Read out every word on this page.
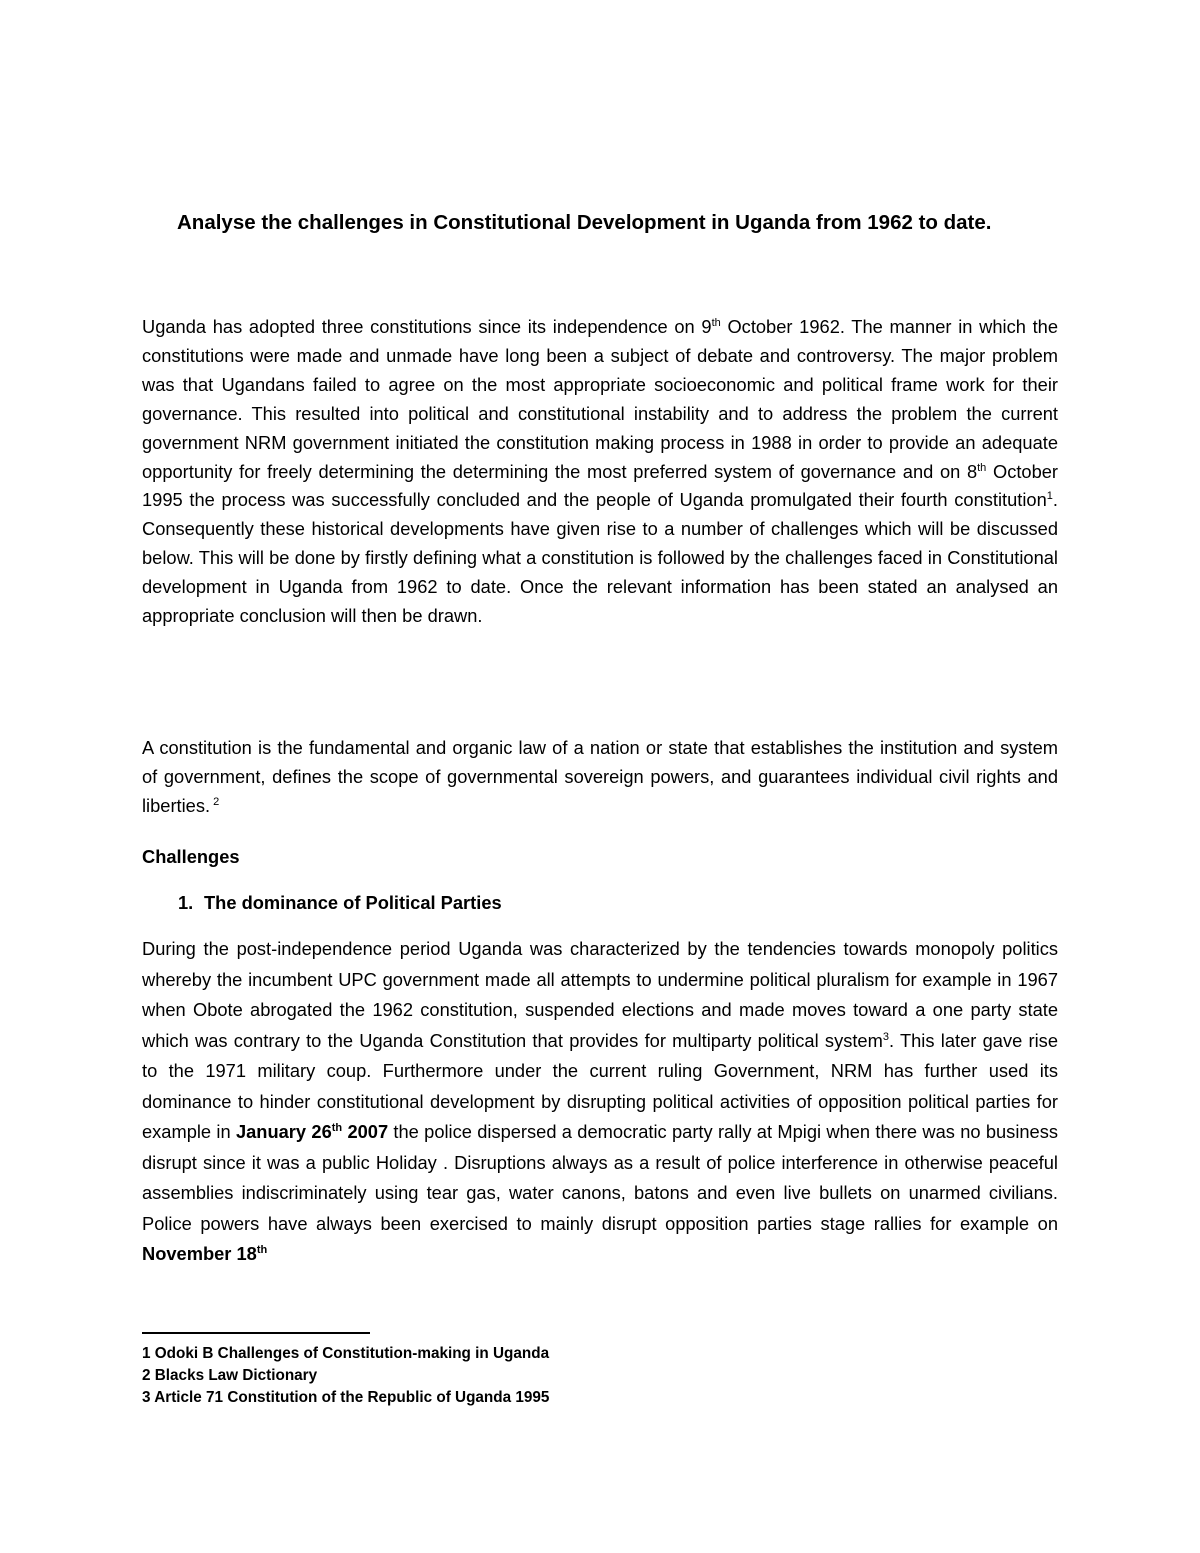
Analyse the challenges in Constitutional Development in Uganda from 1962 to date.

Uganda has adopted three constitutions since its independence on 9th October 1962. The manner in which the constitutions were made and unmade have long been a subject of debate and controversy. The major problem was that Ugandans failed to agree on the most appropriate socioeconomic and political frame work for their governance. This resulted into political and constitutional instability and to address the problem the current government NRM government initiated the constitution making process in 1988 in order to provide an adequate opportunity for freely determining the determining the most preferred system of governance and on 8th October 1995 the process was successfully concluded and the people of Uganda promulgated their fourth constitution$^1$. Consequently these historical developments have given rise to a number of challenges which will be discussed below. This will be done by firstly defining what a constitution is followed by the challenges faced in Constitutional development in Uganda from 1962 to date. Once the relevant information has been stated an analysed an appropriate conclusion will then be drawn.

A constitution is the fundamental and organic law of a nation or state that establishes the institution and system of government, defines the scope of governmental sovereign powers, and guarantees individual civil rights and liberties. $^2$

Challenges
1. The dominance of Political Parties

During the post-independence period Uganda was characterized by the tendencies towards monopoly politics whereby the incumbent UPC government made all attempts to undermine political pluralism for example in 1967 when Obote abrogated the 1962 constitution, suspended elections and made moves toward a one party state which was contrary to the Uganda Constitution that provides for multiparty political system$^3$. This later gave rise to the 1971 military coup. Furthermore under the current ruling Government, NRM has further used its dominance to hinder constitutional development by disrupting political activities of opposition political parties for example in January 26th 2007 the police dispersed a democratic party rally at Mpigi when there was no business disrupt since it was a public Holiday . Disruptions always as a result of police interference in otherwise peaceful assemblies indiscriminately using tear gas, water canons, batons and even live bullets on unarmed civilians. Police powers have always been exercised to mainly disrupt opposition parties stage rallies for example on November 18th

1 Odoki B Challenges of Constitution-making in Uganda
2 Blacks Law Dictionary
3 Article 71 Constitution of the Republic of Uganda 1995
